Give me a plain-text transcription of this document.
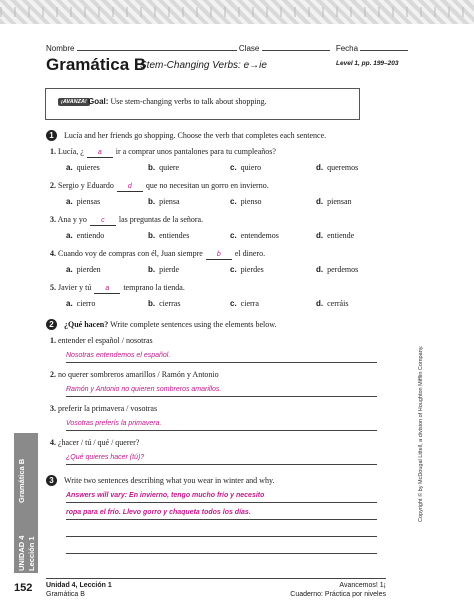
Nombre	Clase	Fecha
Gramática B
Stem-Changing Verbs: e→ie	Level 1, pp. 199–203
¡AVANZA! Goal: Use stem-changing verbs to talk about shopping.
1	Lucía and her friends go shopping. Choose the verb that completes each sentence.
1. Lucía, ¿ a ir a comprar unos pantalones para tu cumpleaños?
a. quieres	b. quiere	c. quiero	d. queremos
2. Sergio y Eduardo d que no necesitan un gorro en invierno.
a. piensas	b. piensa	c. pienso	d. piensan
3. Ana y yo c las preguntas de la señora.
a. entiendo	b. entiendes	c. entendemos	d. entiende
4. Cuando voy de compras con él, Juan siempre b el dinero.
a. pierden	b. pierde	c. pierdes	d. perdemos
5. Javier y tú a temprano la tienda.
a. cierro	b. cierras	c. cierra	d. cerráis
2	¿Qué hacen? Write complete sentences using the elements below.
1. entender el español / nosotras
Nosotras entendemos el español.
2. no querer sombreros amarillos / Ramón y Antonio
Ramón y Antonio no quieren sombreros amarillos.
3. preferir la primavera / vosotras
Vosotras preferís la primavera.
4. ¿hacer / tú / qué / querer?
¿Qué quieres hacer (tú)?
3	Write two sentences describing what you wear in winter and why.
Answers will vary: En invierno, tengo mucho frío y necesito
ropa para el frío. Llevo gorro y chaqueta todos los días.
UNIDAD 4 Lección 1
Gramática B	Copyright © by McDougal Littell, a division of Houghton Mifflin Company.
152 Unidad 4, Lección 1
Gramática B
¡Avancemos! 1
Cuaderno: Práctica por niveles
